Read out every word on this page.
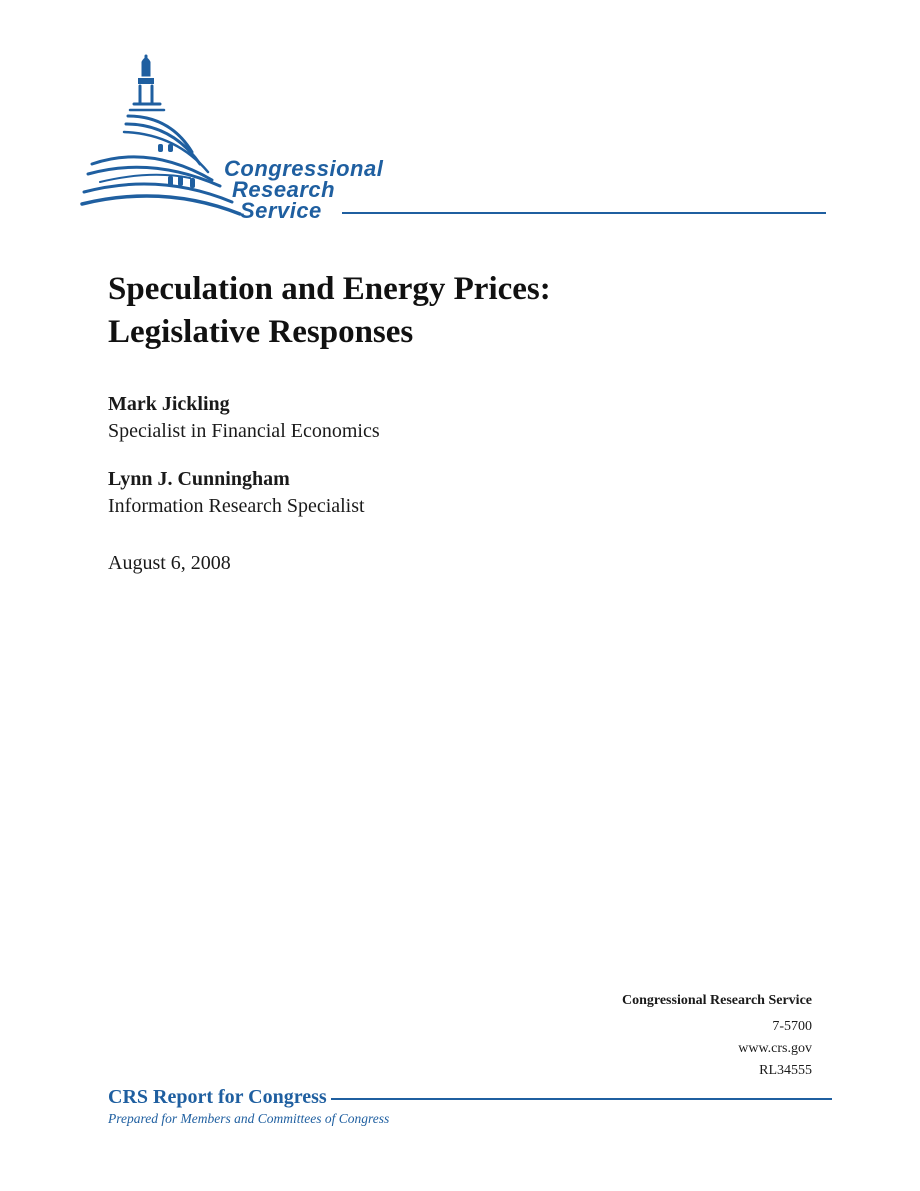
Congressional
Research
Service
Speculation and Energy Prices:
Legislative Responses
Mark Jickling
Specialist in Financial Economics
Lynn J. Cunningham
Information Research Specialist
August 6, 2008
Congressional Research Service
7-5700
www.crs.gov
RL34555
CRS Report for Congress
Prepared for Members and Committees of Congress
